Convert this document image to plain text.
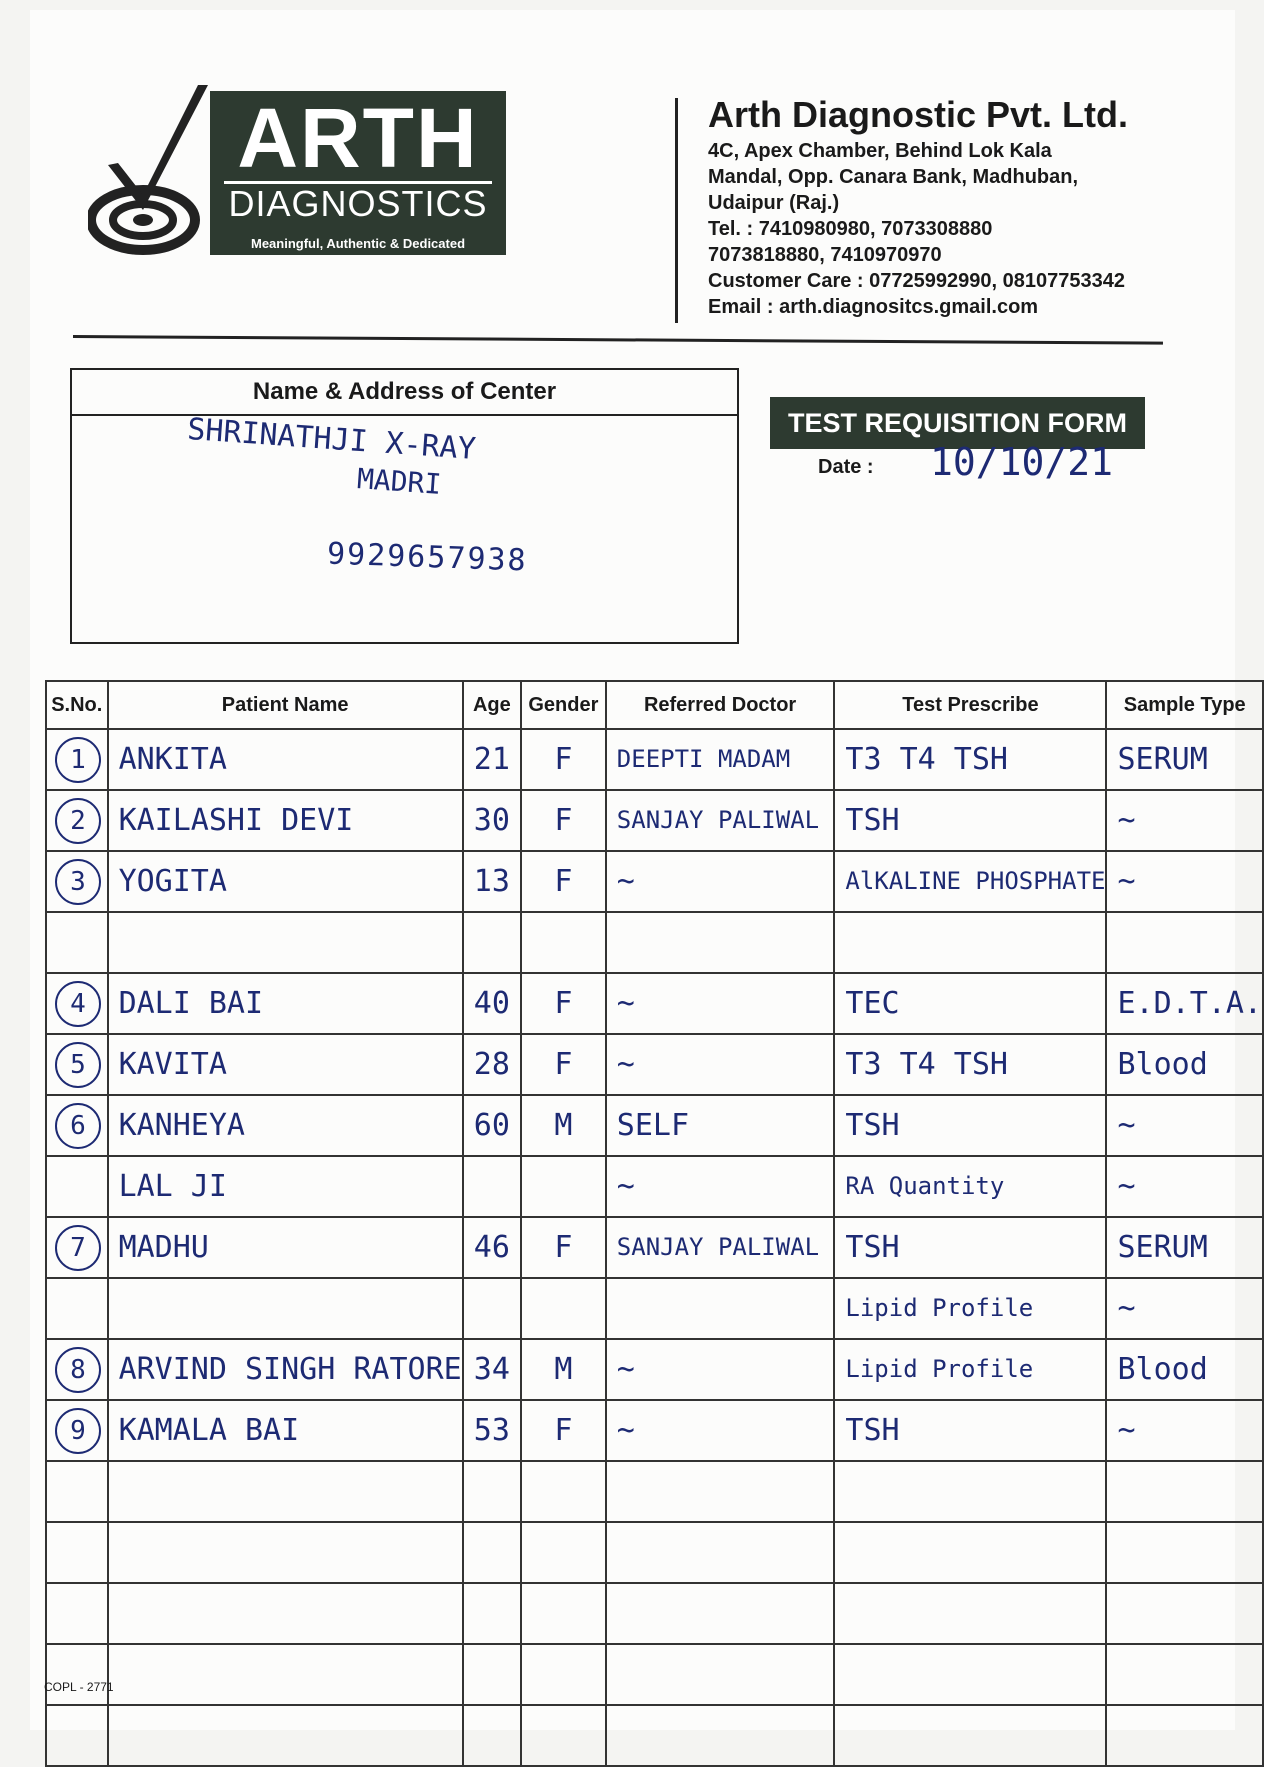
ARTH
DIAGNOSTICS
Meaningful, Authentic & Dedicated
Arth Diagnostic Pvt. Ltd.
4C, Apex Chamber, Behind Lok Kala
Mandal, Opp. Canara Bank, Madhuban,
Udaipur (Raj.)
Tel. : 7410980980, 7073308880
7073818880, 7410970970
Customer Care : 07725992990, 08107753342
Email : arth.diagnositcs.gmail.com
Name & Address of Center
SHRINATHJI X-RAY
MADRI
9929657938
TEST REQUISITION FORM
Date : 10/10/21
S.No.	Patient Name	Age	Gender	Referred Doctor	Test Prescribe	Sample Type
1	ANKITA	21	F	DEEPTI MADAM	T3 T4 TSH	SERUM

2	KAILASHI DEVI	30	F	SANJAY PALIWAL	TSH	~

3	YOGITA	13	F	~	AlKALINE PHOSPHATE	~

4	DALI BAI	40	F	~	TEC	E.D.T.A.

5	KAVITA	28	F	~	T3 T4 TSH	Blood

6	KANHEYA	60	M	SELF	TSH	~

	LAL JI			~	RA Quantity	~

7	MADHU	46	F	SANJAY PALIWAL	TSH	SERUM

					Lipid Profile	~

8	ARVIND SINGH RATORE	34	M	~	Lipid Profile	Blood

9	KAMALA BAI	53	F	~	TSH	~

COPL - 2771
